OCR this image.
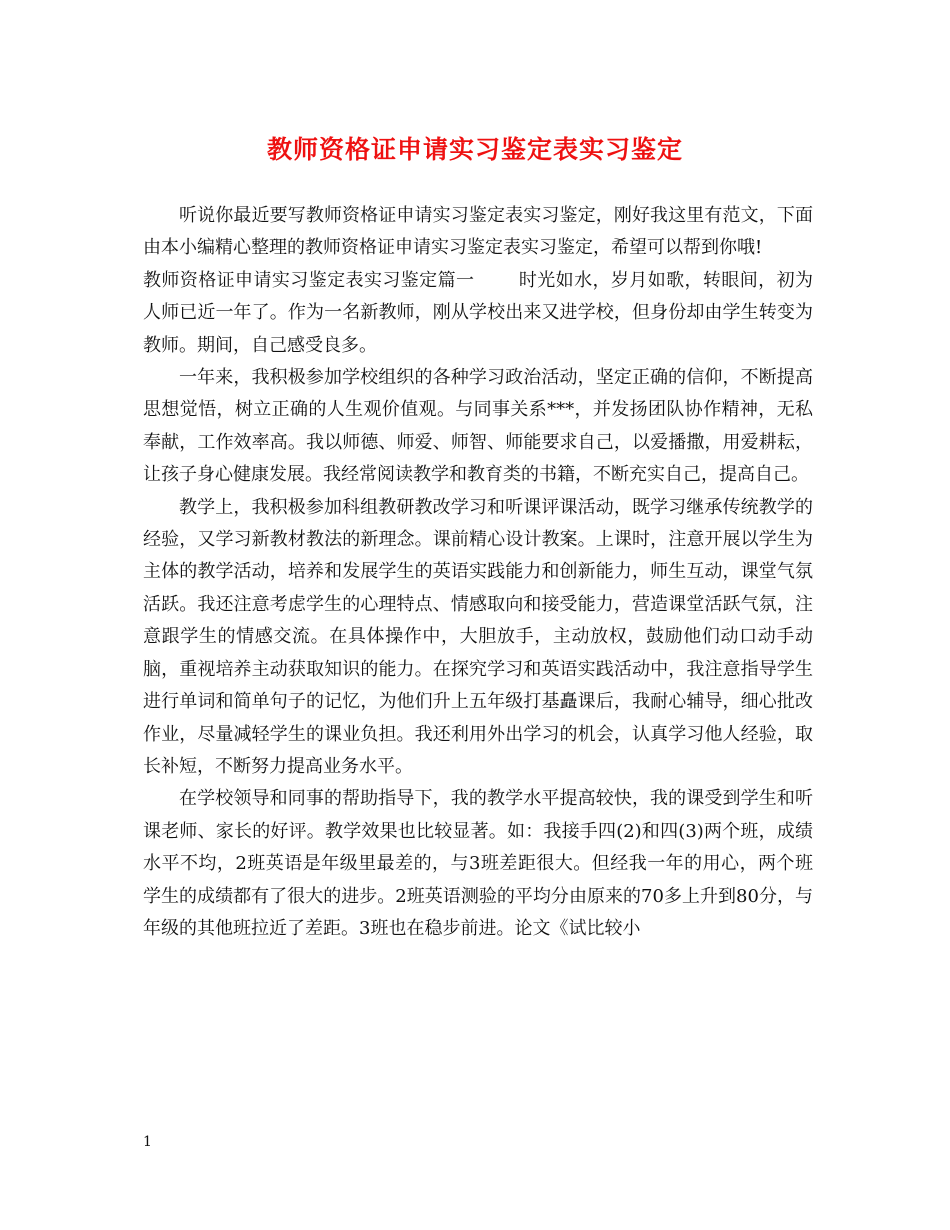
教师资格证申请实习鉴定表实习鉴定

听说你最近要写教师资格证申请实习鉴定表实习鉴定，刚好我这里有范文，下面由本小编精心整理的教师资格证申请实习鉴定表实习鉴定，希望可以帮到你哦!

教师资格证申请实习鉴定表实习鉴定篇一 时光如水，岁月如歌，转眼间，初为人师已近一年了。作为一名新教师，刚从学校出来又进学校，但身份却由学生转变为教师。期间，自己感受良多。

一年来，我积极参加学校组织的各种学习政治活动，坚定正确的信仰，不断提高思想觉悟，树立正确的人生观价值观。与同事关系***，并发扬团队协作精神，无私奉献，工作效率高。我以师德、师爱、师智、师能要求自己，以爱播撒，用爱耕耘，让孩子身心健康发展。我经常阅读教学和教育类的书籍，不断充实自己，提高自己。

教学上，我积极参加科组教研教改学习和听课评课活动，既学习继承传统教学的经验，又学习新教材教法的新理念。课前精心设计教案。上课时，注意开展以学生为主体的教学活动，培养和发展学生的英语实践能力和创新能力，师生互动，课堂气氛活跃。我还注意考虑学生的心理特点、情感取向和接受能力，营造课堂活跃气氛，注意跟学生的情感交流。在具体操作中，大胆放手，主动放权，鼓励他们动口动手动脑，重视培养主动获取知识的能力。在探究学习和英语实践活动中，我注意指导学生进行单词和简单句子的记忆，为他们升上五年级打基矗课后，我耐心辅导，细心批改作业，尽量减轻学生的课业负担。我还利用外出学习的机会，认真学习他人经验，取长补短，不断努力提高业务水平。

在学校领导和同事的帮助指导下，我的教学水平提高较快，我的课受到学生和听课老师、家长的好评。教学效果也比较显著。如：我接手四(2)和四(3)两个班，成绩水平不均，2班英语是年级里最差的，与3班差距很大。但经我一年的用心，两个班学生的成绩都有了很大的进步。2班英语测验的平均分由原来的70多上升到80分，与年级的其他班拉近了差距。3班也在稳步前进。论文《试比较小

1
